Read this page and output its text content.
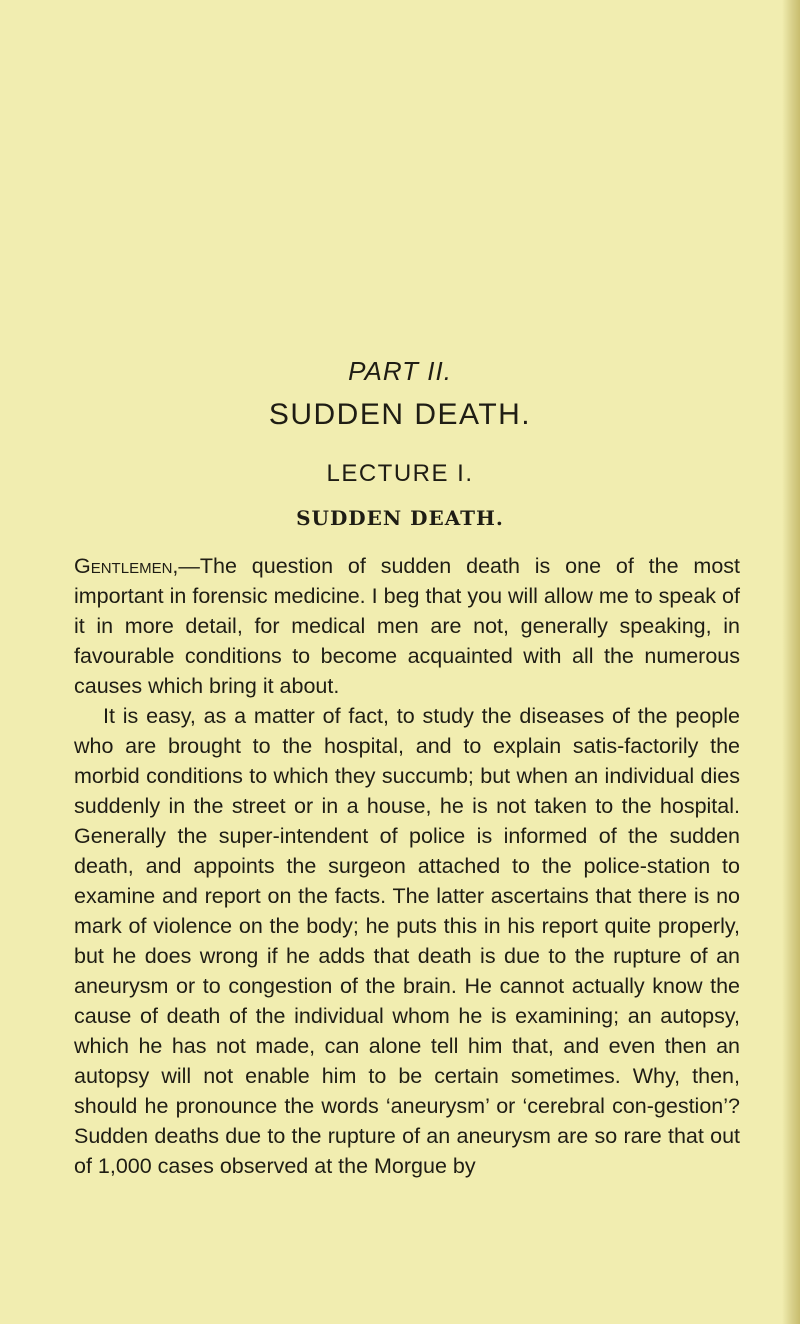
PART II.
SUDDEN DEATH.
LECTURE I.
SUDDEN DEATH.

Gentlemen,—The question of sudden death is one of the most important in forensic medicine. I beg that you will allow me to speak of it in more detail, for medical men are not, generally speaking, in favourable conditions to become acquainted with all the numerous causes which bring it about.

It is easy, as a matter of fact, to study the diseases of the people who are brought to the hospital, and to explain satis-factorily the morbid conditions to which they succumb; but when an individual dies suddenly in the street or in a house, he is not taken to the hospital. Generally the super-intendent of police is informed of the sudden death, and appoints the surgeon attached to the police-station to examine and report on the facts. The latter ascertains that there is no mark of violence on the body; he puts this in his report quite properly, but he does wrong if he adds that death is due to the rupture of an aneurysm or to congestion of the brain. He cannot actually know the cause of death of the individual whom he is examining; an autopsy, which he has not made, can alone tell him that, and even then an autopsy will not enable him to be certain sometimes. Why, then, should he pronounce the words ‘aneurysm’ or ‘cerebral con-gestion’? Sudden deaths due to the rupture of an aneurysm are so rare that out of 1,000 cases observed at the Morgue by
